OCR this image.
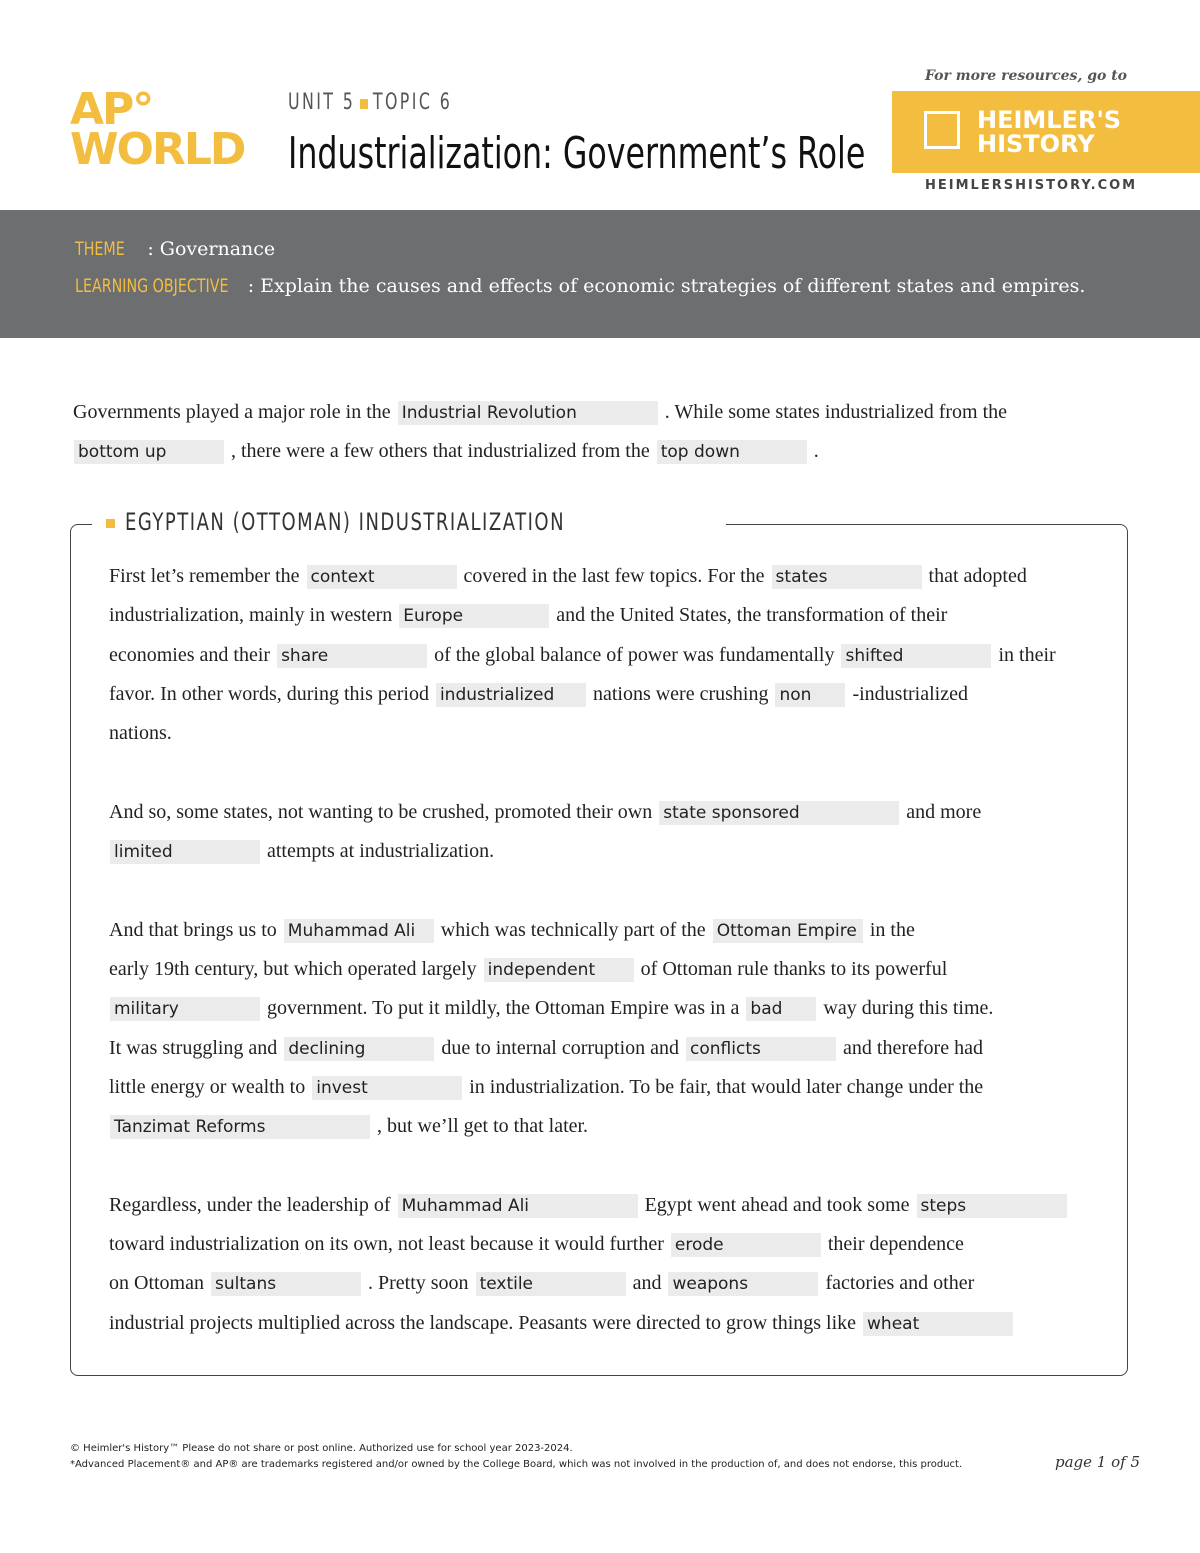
AP°
WORLD
UNIT 5 TOPIC 6
Industrialization: Government’s Role
For more resources, go to
HEIMLER'S HISTORY
HEIMLERSHISTORY.COM
THEME : Governance
LEARNING OBJECTIVE : Explain the causes and effects of economic strategies of different states and empires.
Governments played a major role in the Industrial Revolution	. While some states industrialized from the
bottom up	, there were a few others that industrialized from the top down	.
EGYPTIAN (OTTOMAN) INDUSTRIALIZATION
First let’s remember the context	covered in the last few topics. For the states	that adopted
industrialization, mainly in western Europe	and the United States, the transformation of their
economies and their share	of the global balance of power was fundamentally shifted	in their
favor. In other words, during this period industrialized nations were crushing non -industrialized
nations.
And so, some states, not wanting to be crushed, promoted their own state sponsored	and more
limited	attempts at industrialization.
And that brings us to Muhammad Ali which was technically part of the Ottoman Empire in the
early 19th century, but which operated largely independent of Ottoman rule thanks to its powerful
military	government. To put it mildly, the Ottoman Empire was in a bad way during this time.
It was struggling and declining	due to internal corruption and conflicts	and therefore had
little energy or wealth to invest	in industrialization. To be fair, that would later change under the
Tanzimat Reforms	, but we’ll get to that later.
Regardless, under the leadership of Muhammad Ali	Egypt went ahead and took some steps
toward industrialization on its own, not least because it would further erode	their dependence
on Ottoman sultans	. Pretty soon textile	and weapons	factories and other
industrial projects multiplied across the landscape. Peasants were directed to grow things like wheat
© Heimler's History™ Please do not share or post online. Authorized use for school year 2023-2024.
*Advanced Placement® and AP® are trademarks registered and/or owned by the College Board, which was not involved in the production of, and does not endorse, this product.	page 1 of 5
